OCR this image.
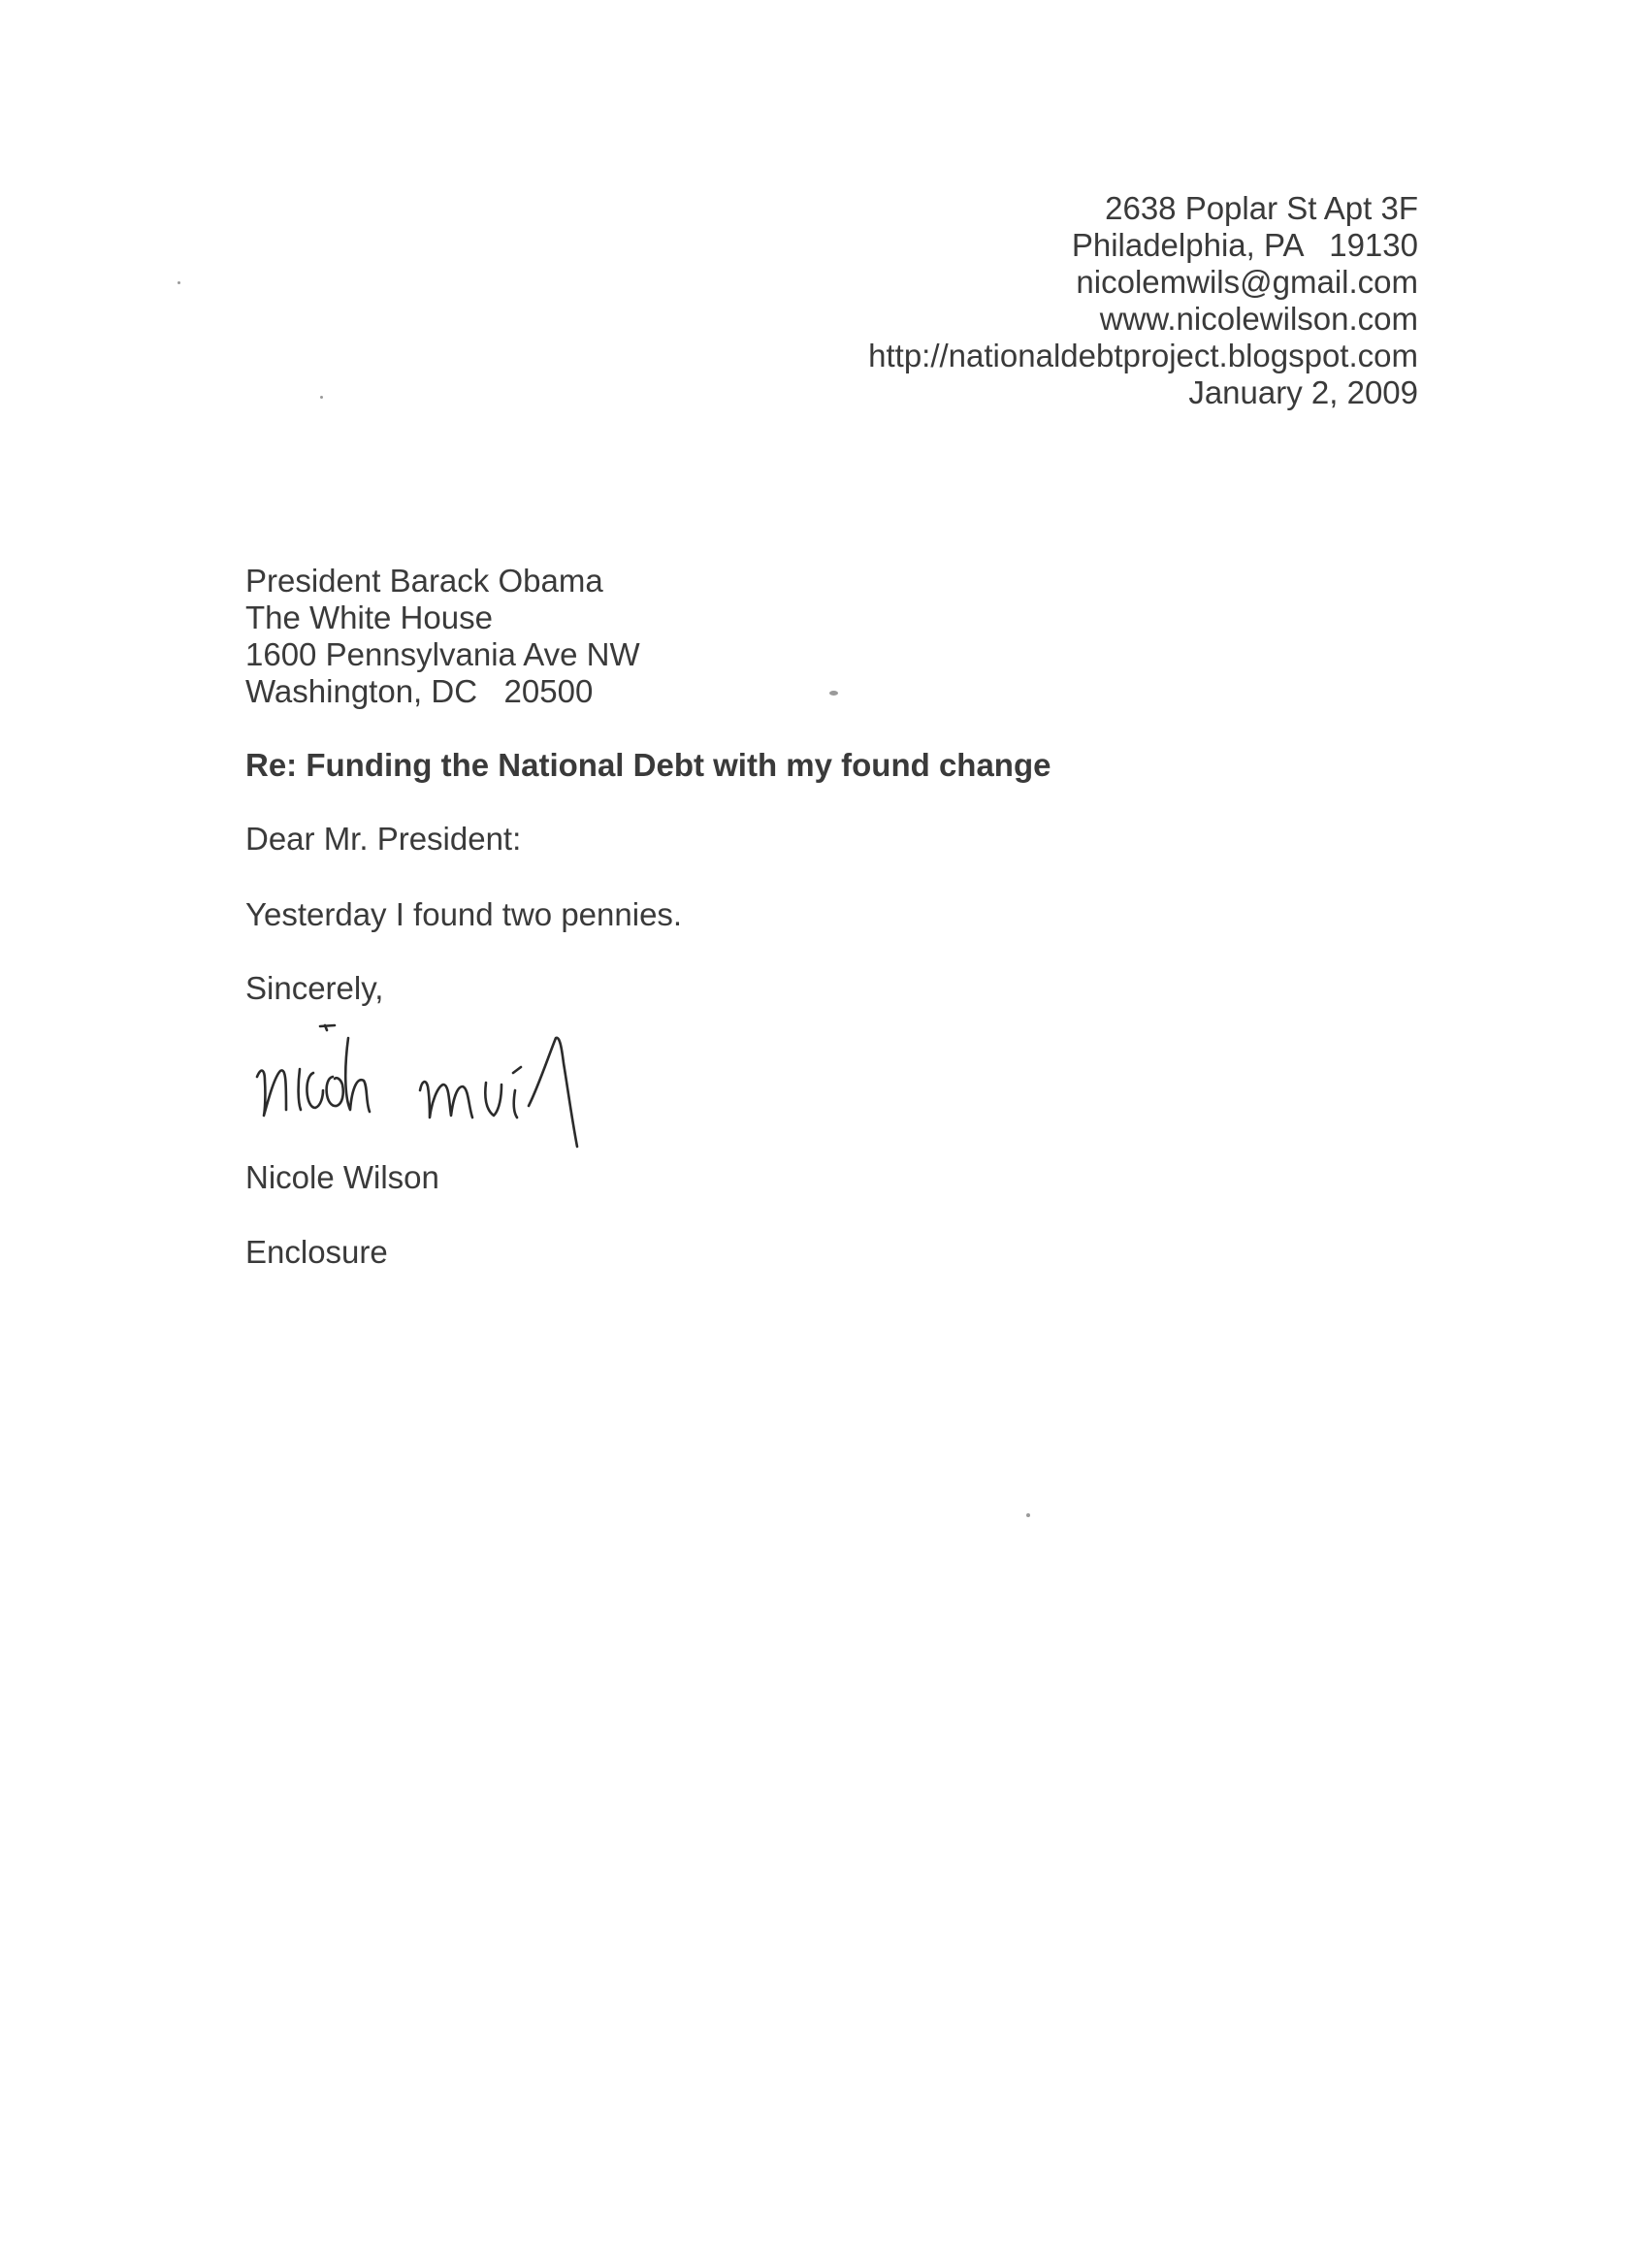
2638 Poplar St Apt 3F
Philadelphia, PA   19130
nicolemwils@gmail.com
www.nicolewilson.com
http://nationaldebtproject.blogspot.com
January 2, 2009
President Barack Obama
The White House
1600 Pennsylvania Ave NW
Washington, DC   20500
Re: Funding the National Debt with my found change
Dear Mr. President:
Yesterday I found two pennies.
Sincerely,
Nicole Wilson
Enclosure
